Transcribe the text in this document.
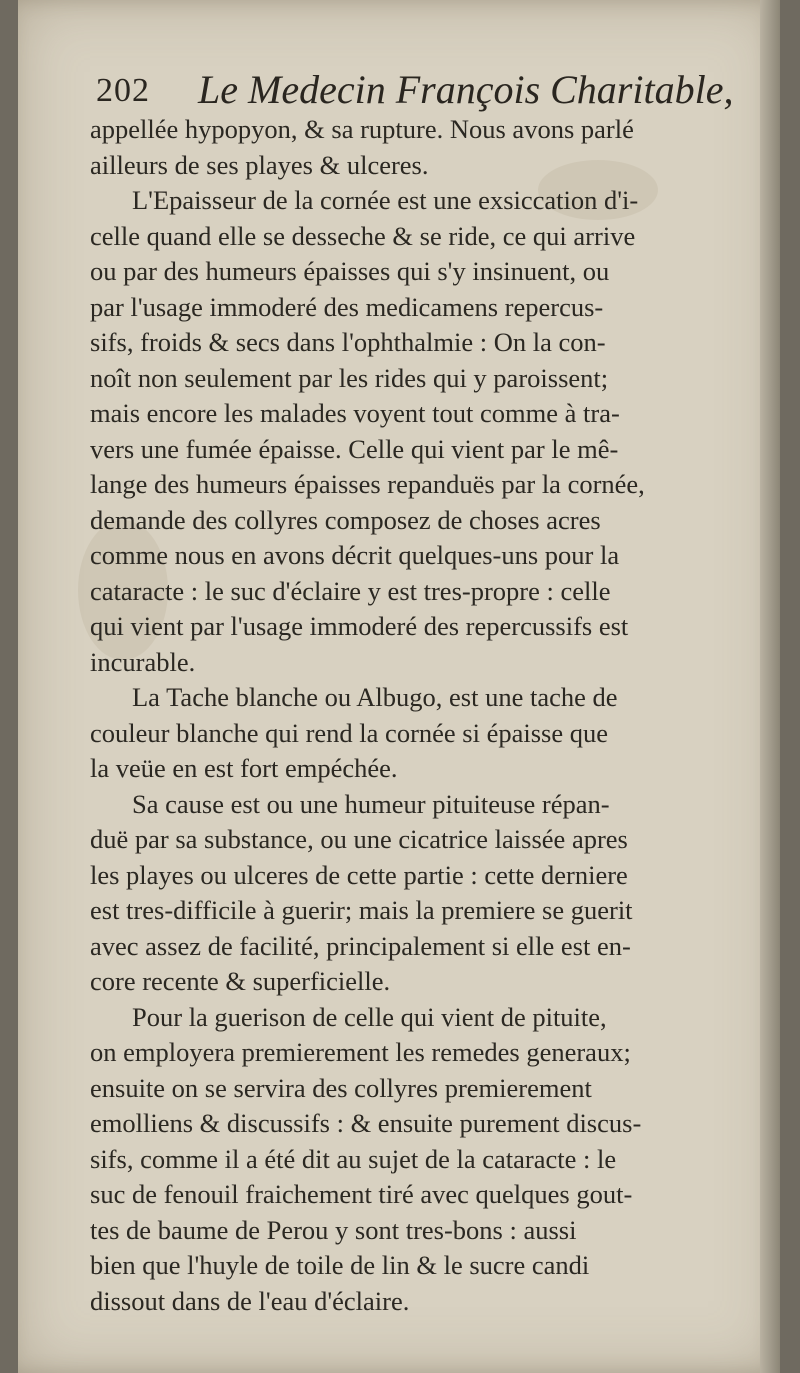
202 Le Medecin François Charitable,
appellée hypopyon, & sa rupture. Nous avons parlé
ailleurs de ses playes & ulceres.
L'Epaisseur de la cornée est une exsiccation d'i-
celle quand elle se desseche & se ride, ce qui arrive
ou par des humeurs épaisses qui s'y insinuent, ou
par l'usage immoderé des medicamens repercus-
sifs, froids & secs dans l'ophthalmie : On la con-
noît non seulement par les rides qui y paroissent;
mais encore les malades voyent tout comme à tra-
vers une fumée épaisse. Celle qui vient par le mê-
lange des humeurs épaisses repanduës par la cornée,
demande des collyres composez de choses acres
comme nous en avons décrit quelques-uns pour la
cataracte : le suc d'éclaire y est tres-propre : celle
qui vient par l'usage immoderé des repercussifs est
incurable.
La Tache blanche ou Albugo, est une tache de
couleur blanche qui rend la cornée si épaisse que
la veüe en est fort empéchée.
Sa cause est ou une humeur pituiteuse répan-
duë par sa substance, ou une cicatrice laissée apres
les playes ou ulceres de cette partie : cette derniere
est tres-difficile à guerir; mais la premiere se guerit
avec assez de facilité, principalement si elle est en-
core recente & superficielle.
Pour la guerison de celle qui vient de pituite,
on employera premierement les remedes generaux;
ensuite on se servira des collyres premierement
emolliens & discussifs : & ensuite purement discus-
sifs, comme il a été dit au sujet de la cataracte : le
suc de fenouil fraichement tiré avec quelques gout-
tes de baume de Perou y sont tres-bons : aussi
bien que l'huyle de toile de lin & le sucre candi
dissout dans de l'eau d'éclaire.
